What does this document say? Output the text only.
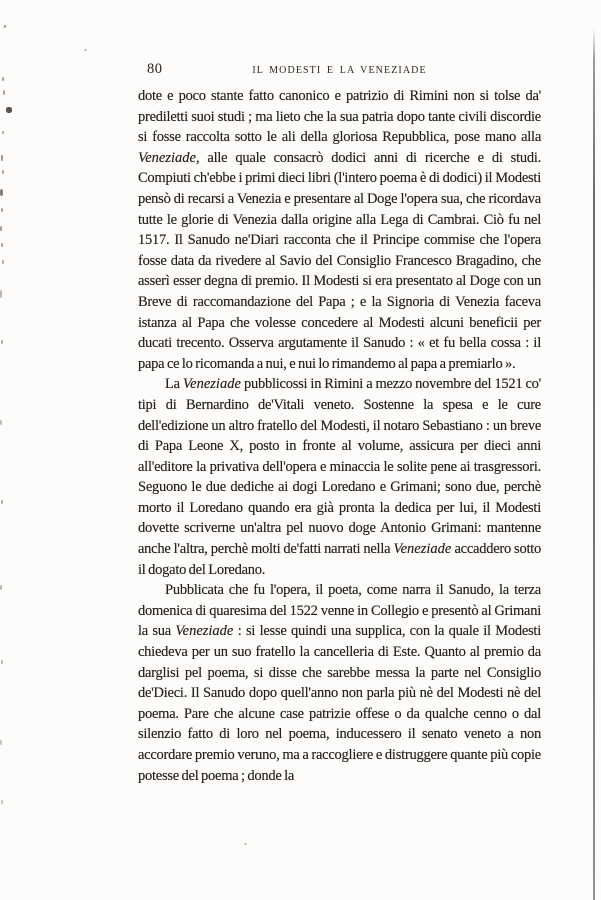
80	IL MODESTI E LA VENEZIADE

dote e poco stante fatto canonico e patrizio di Rimini non si tolse da' prediletti suoi studi ; ma lieto che la sua patria dopo tante civili discordie si fosse raccolta sotto le ali della gloriosa Repubblica, pose mano alla Veneziade, alle quale consacrò dodici anni di ricerche e di studi. Compiuti ch'ebbe i primi dieci libri (l'intero poema è di dodici) il Modesti pensò di recarsi a Venezia e presentare al Doge l'opera sua, che ricordava tutte le glorie di Venezia dalla origine alla Lega di Cambrai. Ciò fu nel 1517. Il Sanudo ne'Diari racconta che il Principe commise che l'opera fosse data da rivedere al Savio del Consiglio Francesco Bragadino, che asserì esser degna di premio. Il Modesti si era presentato al Doge con un Breve di raccomandazione del Papa ; e la Signoria di Venezia faceva istanza al Papa che volesse concedere al Modesti alcuni beneficii per ducati trecento. Osserva argutamente il Sanudo : « et fu bella cossa : il papa ce lo ricomanda a nui, e nui lo rimandemo al papa a premiarlo ».

La Veneziade pubblicossi in Rimini a mezzo novembre del 1521 co' tipi di Bernardino de'Vitali veneto. Sostenne la spesa e le cure dell'edizione un altro fratello del Modesti, il notaro Sebastiano : un breve di Papa Leone X, posto in fronte al volume, assicura per dieci anni all'editore la privativa dell'opera e minaccia le solite pene ai trasgressori. Seguono le due dediche ai dogi Loredano e Grimani; sono due, perchè morto il Loredano quando era già pronta la dedica per lui, il Modesti dovette scriverne un'altra pel nuovo doge Antonio Grimani: mantenne anche l'altra, perchè molti de'fatti narrati nella Veneziade accaddero sotto il dogato del Loredano.

Pubblicata che fu l'opera, il poeta, come narra il Sanudo, la terza domenica di quaresima del 1522 venne in Collegio e presentò al Grimani la sua Veneziade : si lesse quindi una supplica, con la quale il Modesti chiedeva per un suo fratello la cancelleria di Este. Quanto al premio da darglisi pel poema, si disse che sarebbe messa la parte nel Consiglio de'Dieci. Il Sanudo dopo quell'anno non parla più nè del Modesti nè del poema. Pare che alcune case patrizie offese o da qualche cenno o dal silenzio fatto di loro nel poema, inducessero il senato veneto a non accordare premio veruno, ma a raccogliere e distruggere quante più copie potesse del poema ; donde la
